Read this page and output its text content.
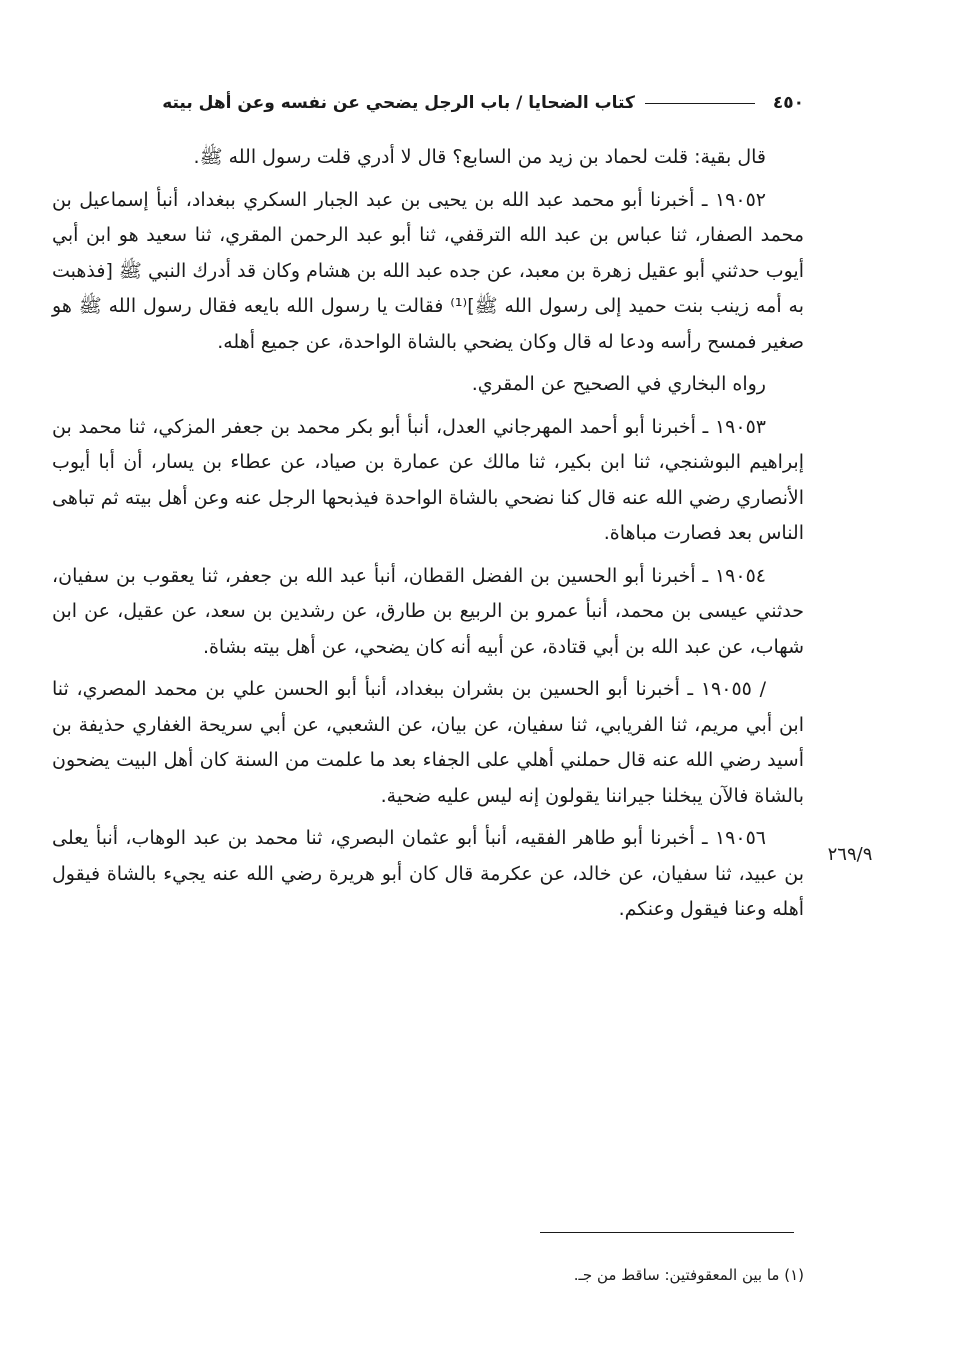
٤٥٠
كتاب الضحايا / باب الرجل يضحي عن نفسه وعن أهل بيته

قال بقية: قلت لحماد بن زيد من السابع؟ قال لا أدري قلت رسول الله ﷺ.

١٩٠٥٢ ـ أخبرنا أبو محمد عبد الله بن يحيى بن عبد الجبار السكري ببغداد، أنبأ إسماعيل بن محمد الصفار، ثنا عباس بن عبد الله الترقفي، ثنا أبو عبد الرحمن المقري، ثنا سعيد هو ابن أبي أيوب حدثني أبو عقيل زهرة بن معبد، عن جده عبد الله بن هشام وكان قد أدرك النبي ﷺ [فذهبت به أمه زينب بنت حميد إلى رسول الله ﷺ]⁽¹⁾ فقالت يا رسول الله بايعه فقال رسول الله ﷺ هو صغير فمسح رأسه ودعا له قال وكان يضحي بالشاة الواحدة، عن جميع أهله.

رواه البخاري في الصحيح عن المقري.

١٩٠٥٣ ـ أخبرنا أبو أحمد المهرجاني العدل، أنبأ أبو بكر محمد بن جعفر المزكي، ثنا محمد بن إبراهيم البوشنجي، ثنا ابن بكير، ثنا مالك عن عمارة بن صياد، عن عطاء بن يسار، أن أبا أيوب الأنصاري رضي الله عنه قال كنا نضحي بالشاة الواحدة فيذبحها الرجل عنه وعن أهل بيته ثم تباهى الناس بعد فصارت مباهاة.

١٩٠٥٤ ـ أخبرنا أبو الحسين بن الفضل القطان، أنبأ عبد الله بن جعفر، ثنا يعقوب بن سفيان، حدثني عيسى بن محمد، أنبأ عمرو بن الربيع بن طارق، عن رشدين بن سعد، عن عقيل، عن ابن شهاب، عن عبد الله بن أبي قتادة، عن أبيه أنه كان يضحي، عن أهل بيته بشاة.

/ ١٩٠٥٥ ـ أخبرنا أبو الحسين بن بشران ببغداد، أنبأ أبو الحسن علي بن محمد المصري، ثنا ابن أبي مريم، ثنا الفريابي، ثنا سفيان، عن بيان، عن الشعبي، عن أبي سريحة الغفاري حذيفة بن أسيد رضي الله عنه قال حملني أهلي على الجفاء بعد ما علمت من السنة كان أهل البيت يضحون بالشاة فالآن يبخلنا جيراننا يقولون إنه ليس عليه ضحية.

١٩٠٥٦ ـ أخبرنا أبو طاهر الفقيه، أنبأ أبو عثمان البصري، ثنا محمد بن عبد الوهاب، أنبأ يعلى بن عبيد، ثنا سفيان، عن خالد، عن عكرمة قال كان أبو هريرة رضي الله عنه يجيء بالشاة فيقول أهله وعنا فيقول وعنكم.

٢٦٩/٩
(١) ما بين المعقوفتين: ساقط من جـ.
